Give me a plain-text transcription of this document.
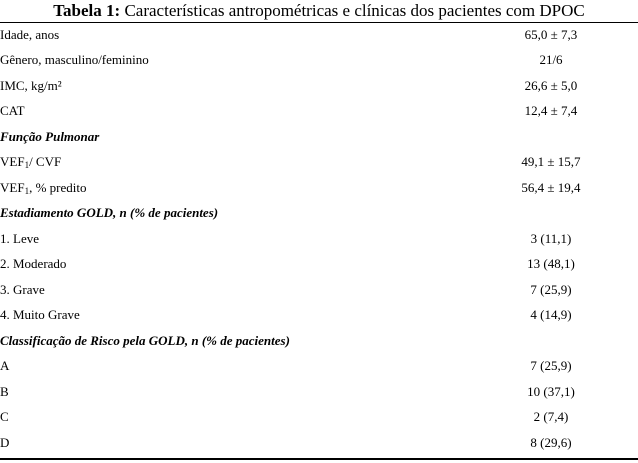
Tabela 1: Características antropométricas e clínicas dos pacientes com DPOC
Idade, anos	65,0 ± 7,3
Gênero, masculino/feminino	21/6
IMC, kg/m²	26,6 ± 5,0
CAT	12,4 ± 7,4
Função Pulmonar
$VEF_1/$ CVF	49,1 ± 15,7
$VEF_1$, % predito	56,4 ± 19,4
Estadiamento GOLD, n (% de pacientes)
1. Leve	3 (11,1)
2. Moderado	13 (48,1)
3. Grave	7 (25,9)
4. Muito Grave	4 (14,9)
Classificação de Risco pela GOLD, n (% de pacientes)
A	7 (25,9)
B	10 (37,1)
C	2 (7,4)
D	8 (29,6)
